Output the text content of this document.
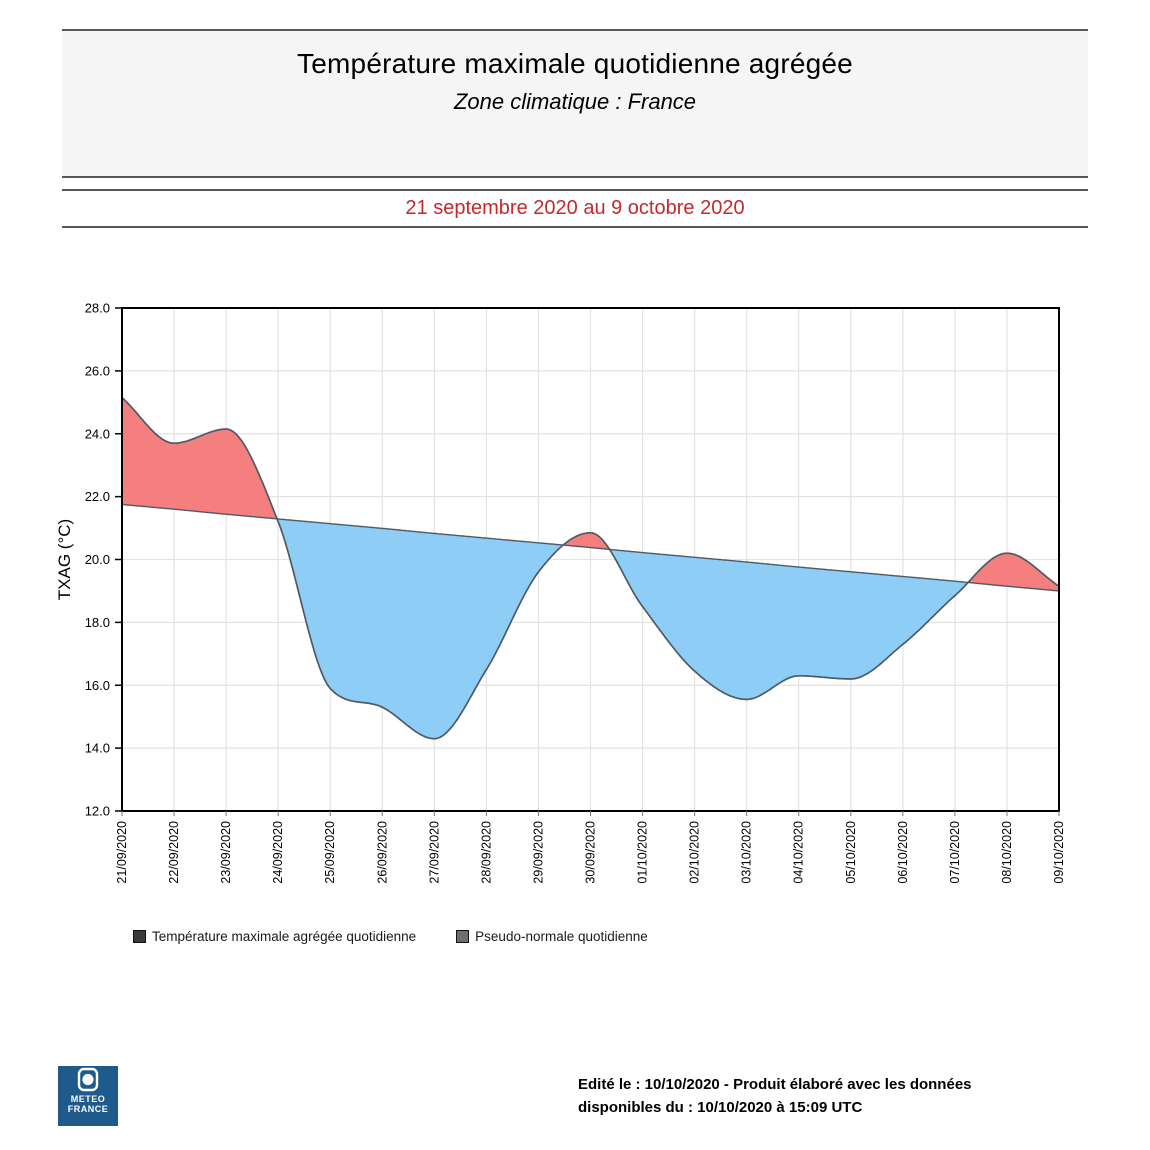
Température maximale quotidienne agrégée
Zone climatique : France
21 septembre 2020 au 9 octobre 2020
12.0
14.0
16.0
18.0
20.0
22.0
24.0
26.0
28.0
21/09/2020	22/09/2020	23/09/2020	24/09/2020	25/09/2020	26/09/2020	27/09/2020	28/09/2020	29/09/2020	30/09/2020	01/10/2020	02/10/2020	03/10/2020	04/10/2020	05/10/2020	06/10/2020	07/10/2020	08/10/2020	09/10/2020
TXAG (°C)
Température maximale agrégée quotidienne	Pseudo-normale quotidienne
METEO
FRANCE
Edité le : 10/10/2020 - Produit élaboré avec les données
disponibles du : 10/10/2020 à 15:09 UTC
